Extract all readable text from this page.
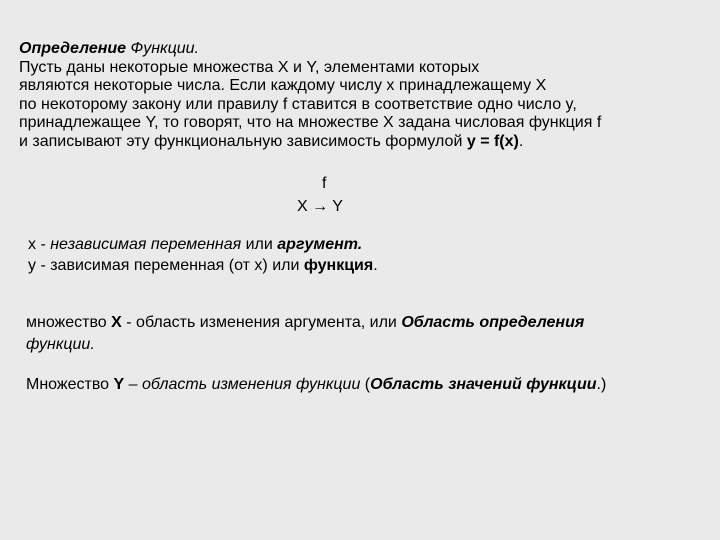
Определение Функции.
Пусть даны некоторые множества X и Y, элементами которых
являются некоторые числа. Если каждому числу x принадлежащему X
по некоторому закону или правилу f ставится в соответствие одно число y,
принадлежащее Y, то говорят, что на множестве X задана числовая функция f
и записывают эту функциональную зависимость формулой y = f(x).
f
X → Y
x - независимая переменная или аргумент.
y - зависимая переменная (от x) или функция.
множество X - область изменения аргумента, или Область определения
функции.
Множество Y – область изменения функции (Область значений функции.)
